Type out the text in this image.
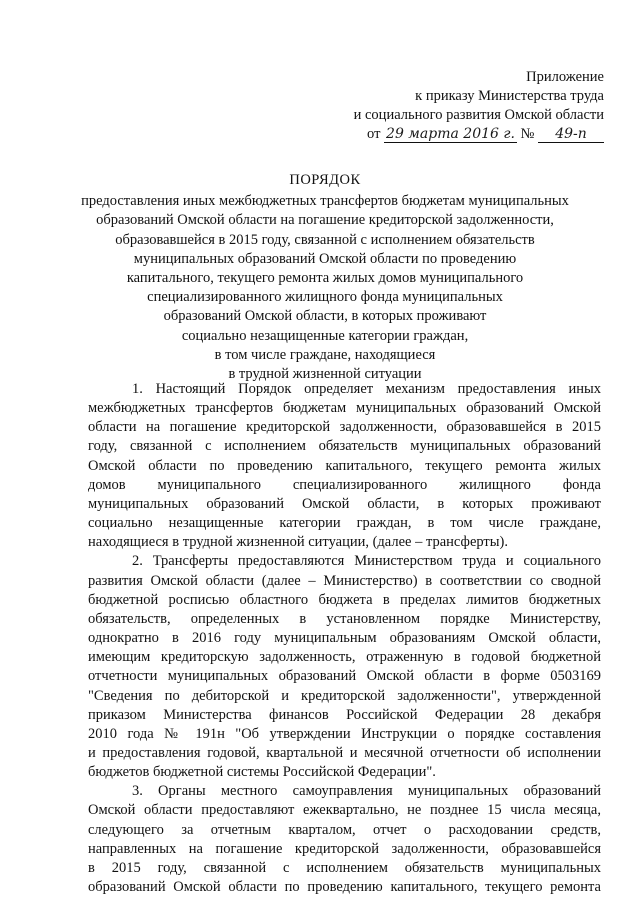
Приложение
к приказу Министерства труда
и социального развития Омской области
от 29 марта 2016 г. № 49-п
ПОРЯДОК
предоставления иных межбюджетных трансфертов бюджетам муниципальных
образований Омской области на погашение кредиторской задолженности,
образовавшейся в 2015 году, связанной с исполнением обязательств
муниципальных образований Омской области по проведению
капитального, текущего ремонта жилых домов муниципального
специализированного жилищного фонда муниципальных
образований Омской области, в которых проживают
социально незащищенные категории граждан,
в том числе граждане, находящиеся
в трудной жизненной ситуации
1. Настоящий Порядок определяет механизм предоставления иных
межбюджетных трансфертов бюджетам муниципальных образований Омской
области на погашение кредиторской задолженности, образовавшейся в 2015
году, связанной с исполнением обязательств муниципальных образований
Омской области по проведению капитального, текущего ремонта жилых
домов муниципального специализированного жилищного фонда
муниципальных образований Омской области, в которых проживают
социально незащищенные категории граждан, в том числе граждане,
находящиеся в трудной жизненной ситуации, (далее – трансферты).
2. Трансферты предоставляются Министерством труда и социального
развития Омской области (далее – Министерство) в соответствии со сводной
бюджетной росписью областного бюджета в пределах лимитов бюджетных
обязательств, определенных в установленном порядке Министерству,
однократно в 2016 году муниципальным образованиям Омской области,
имеющим кредиторскую задолженность, отраженную в годовой бюджетной
отчетности муниципальных образований Омской области в форме 0503169
"Сведения по дебиторской и кредиторской задолженности", утвержденной
приказом Министерства финансов Российской Федерации 28 декабря
2010 года № 191н "Об утверждении Инструкции о порядке составления
и предоставления годовой, квартальной и месячной отчетности об исполнении
бюджетов бюджетной системы Российской Федерации".
3. Органы местного самоуправления муниципальных образований
Омской области предоставляют ежеквартально, не позднее 15 числа месяца,
следующего за отчетным кварталом, отчет о расходовании средств,
направленных на погашение кредиторской задолженности, образовавшейся
в 2015 году, связанной с исполнением обязательств муниципальных
образований Омской области по проведению капитального, текущего ремонта
